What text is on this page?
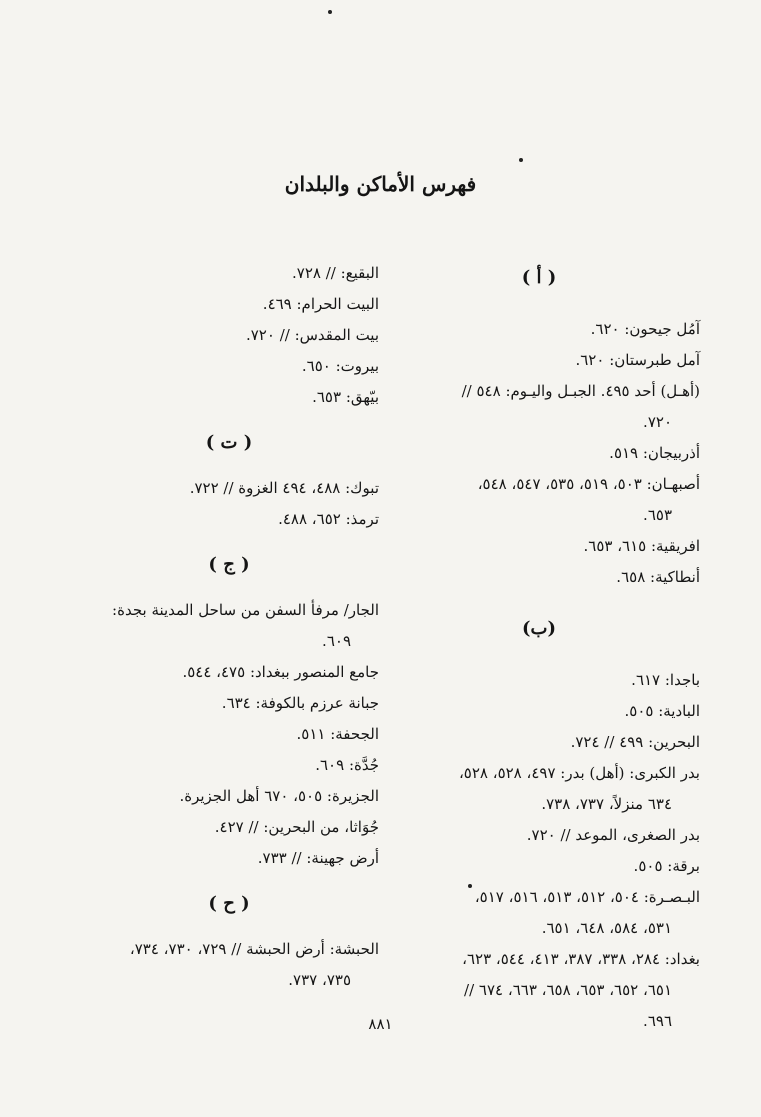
فهرس الأماكن والبلدان
( أ )
آمُل جيحون: ٦٢٠.
آمل طبرستان: ٦٢٠.
(أهـل) أحد ٤٩٥. الجبـل واليـوم: ٥٤٨ //
٧٢٠.
أذربيجان: ٥١٩.
أصبهـان: ٥٠٣، ٥١٩، ٥٣٥، ٥٤٧، ٥٤٨،
٦٥٣.
افريقية: ٦١٥، ٦٥٣.
أنطاكية: ٦٥٨.
(ب)
باجدا: ٦١٧.
البادية: ٥٠٥.
البحرين: ٤٩٩ // ٧٢٤.
بدر الكبرى: (أهل) بدر: ٤٩٧، ٥٢٨، ٥٢٨،
٦٣٤ منزلاً، ٧٣٧، ٧٣٨.
بدر الصغرى، الموعد // ٧٢٠.
برقة: ٥٠٥.
البـصـرة: ٥٠٤، ٥١٢، ٥١٣، ٥١٦، ٥١٧،
٥٣١، ٥٨٤، ٦٤٨، ٦٥١.
بغداد: ٢٨٤، ٣٣٨، ٣٨٧، ٤١٣، ٥٤٤، ٦٢٣،
٦٥١، ٦٥٢، ٦٥٣، ٦٥٨، ٦٦٣، ٦٧٤ //
٦٩٦.
البقيع: // ٧٢٨.
البيت الحرام: ٤٦٩.
بيت المقدس: // ٧٢٠.
بيروت: ٦٥٠.
بيّهق: ٦٥٣.
( ت )
تبوك: ٤٨٨، ٤٩٤ الغزوة // ٧٢٢.
ترمذ: ٦٥٢، ٤٨٨.
( ج )
الجار/ مرفأ السفن من ساحل المدينة بجدة:
٦٠٩.
جامع المنصور ببغداد: ٤٧٥، ٥٤٤.
جبانة عرزم بالكوفة: ٦٣٤.
الجحفة: ٥١١.
جُدَّة: ٦٠٩.
الجزيرة: ٥٠٥، ٦٧٠ أهل الجزيرة.
جُوَاثا، من البحرين: // ٤٢٧.
أرض جهينة: // ٧٣٣.
( ح )
الحبشة: أرض الحبشة // ٧٢٩، ٧٣٠، ٧٣٤،
٧٣٥، ٧٣٧.
٨٨١
